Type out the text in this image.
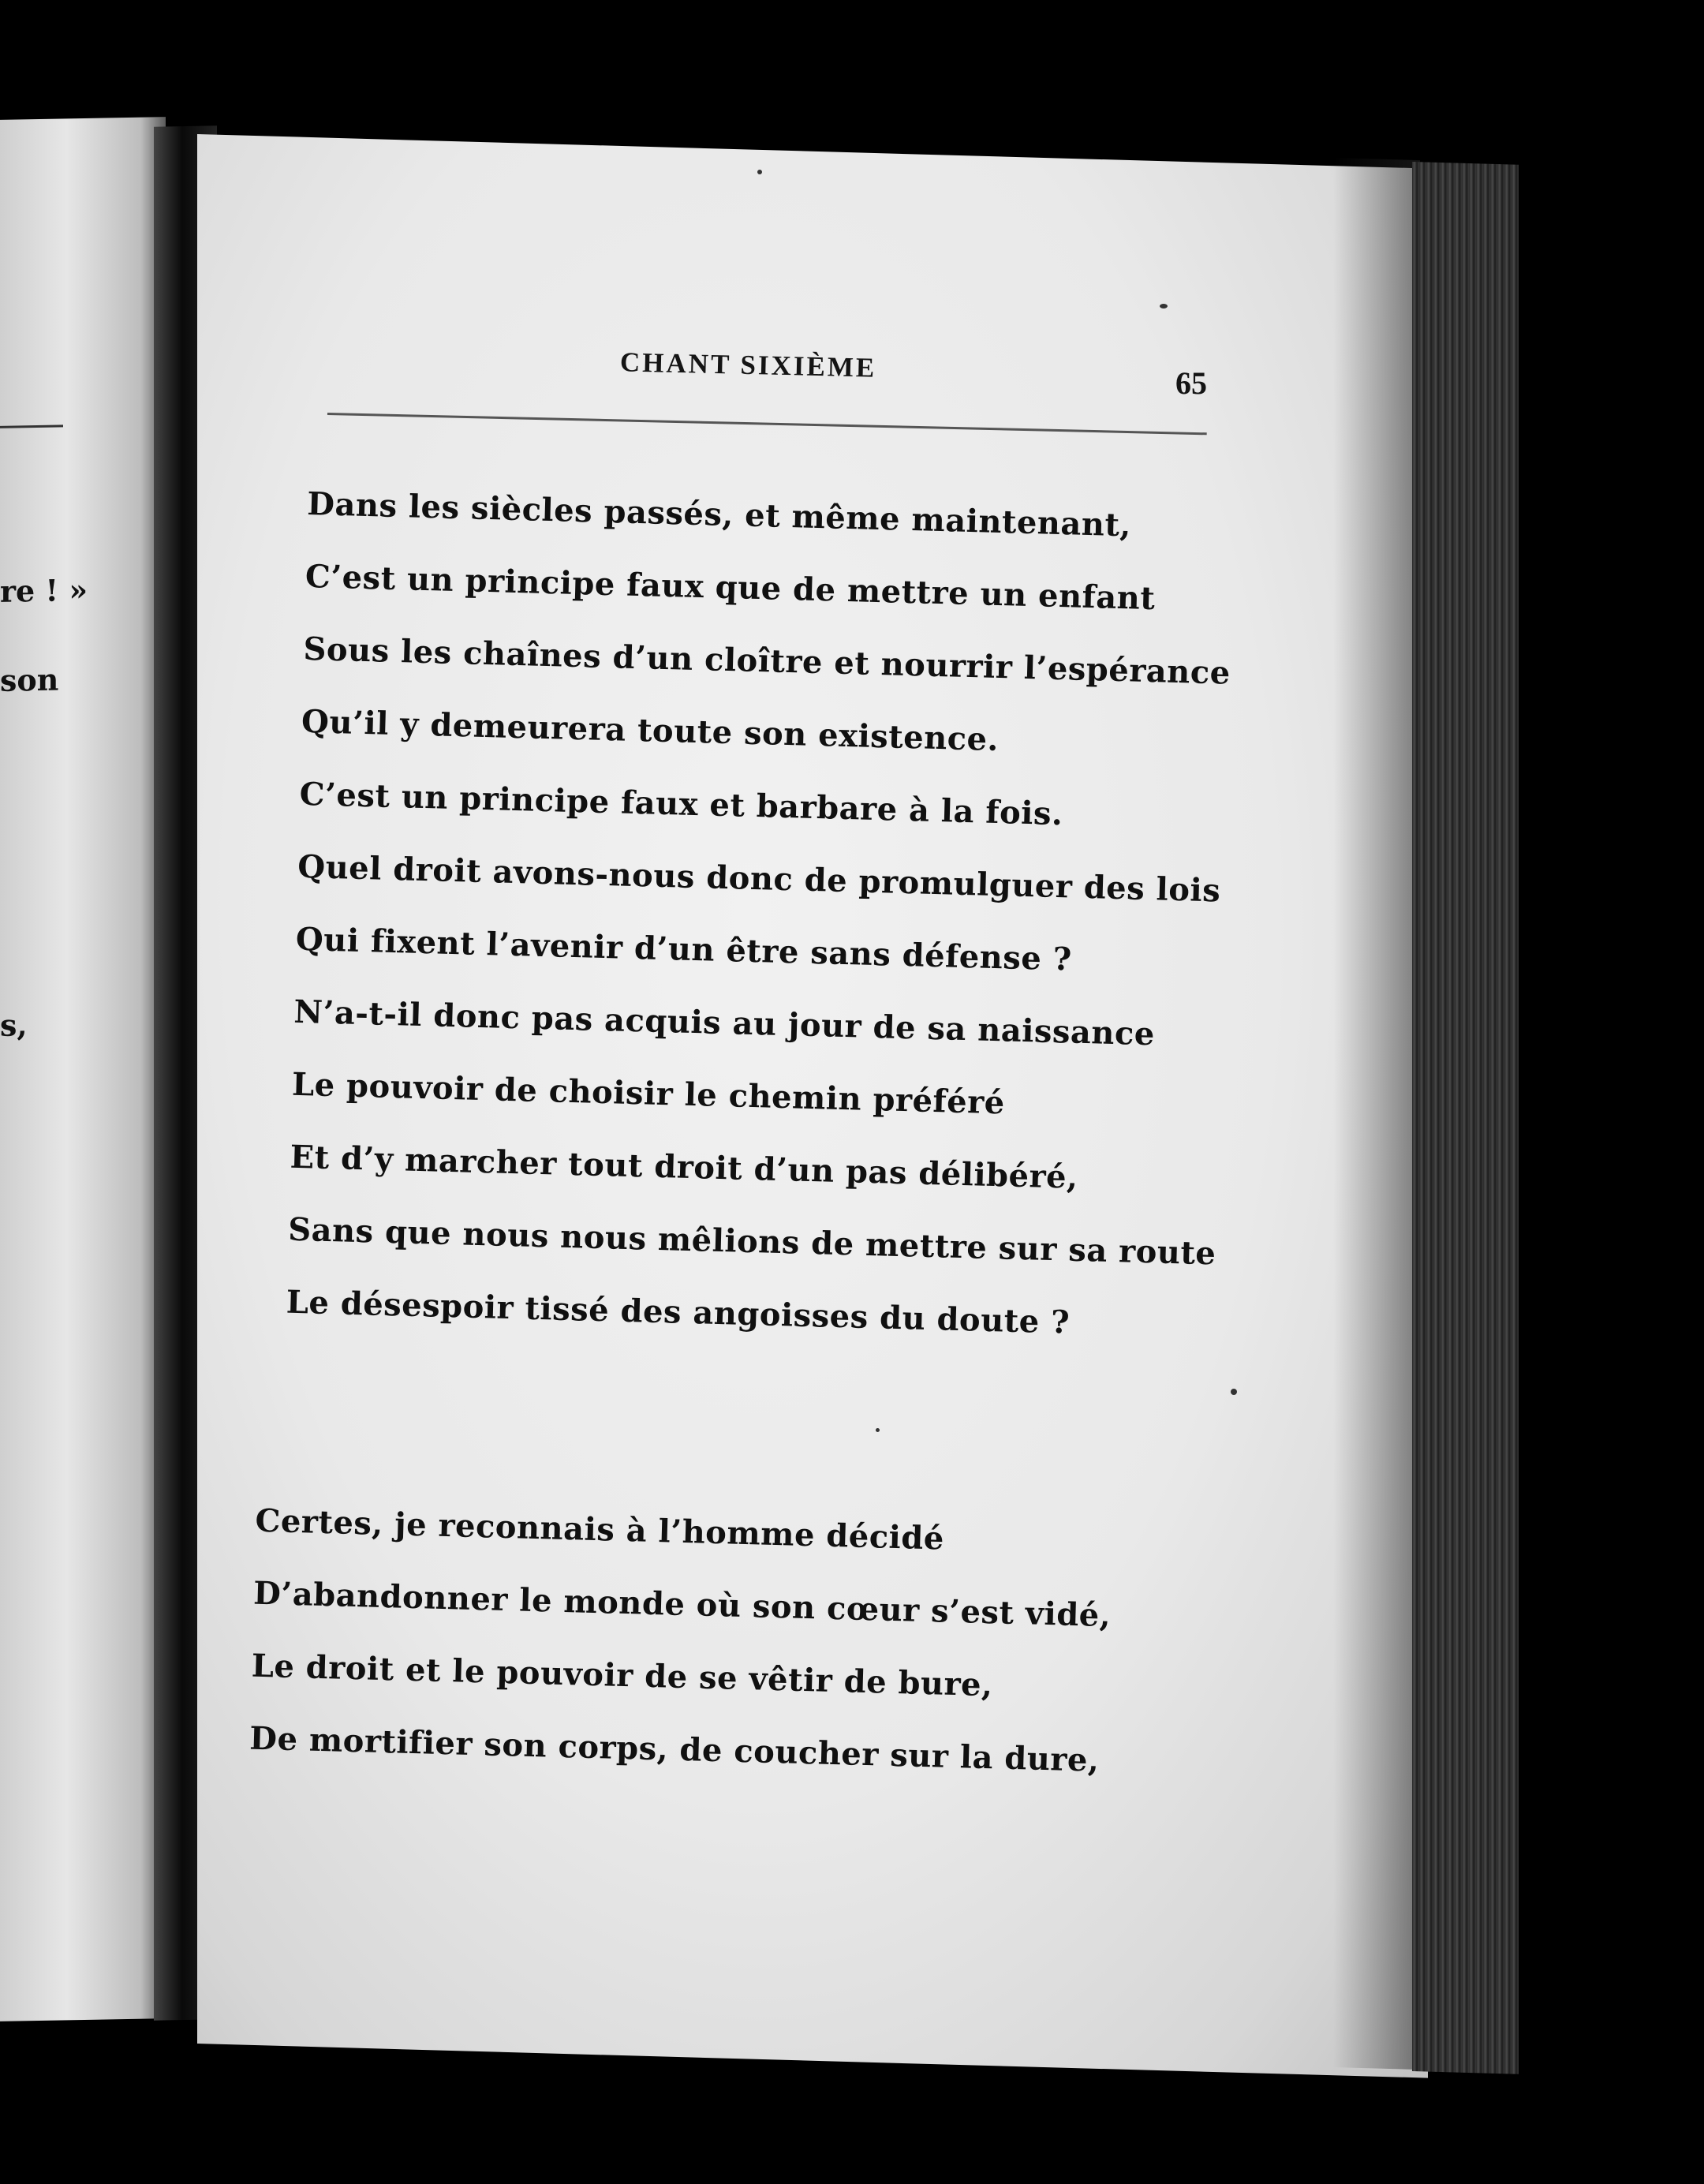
re ! »
son
s,
CHANT SIXIÈME	65
Dans les siècles passés, et même maintenant,
C’est un principe faux que de mettre un enfant
Sous les chaînes d’un cloître et nourrir l’espérance
Qu’il y demeurera toute son existence.
C’est un principe faux et barbare à la fois.
Quel droit avons-nous donc de promulguer des lois
Qui fixent l’avenir d’un être sans défense ?
N’a-t-il donc pas acquis au jour de sa naissance
Le pouvoir de choisir le chemin préféré
Et d’y marcher tout droit d’un pas délibéré,
Sans que nous nous mêlions de mettre sur sa route
Le désespoir tissé des angoisses du doute ?
Certes, je reconnais à l’homme décidé
D’abandonner le monde où son cœur s’est vidé,
Le droit et le pouvoir de se vêtir de bure,
De mortifier son corps, de coucher sur la dure,
